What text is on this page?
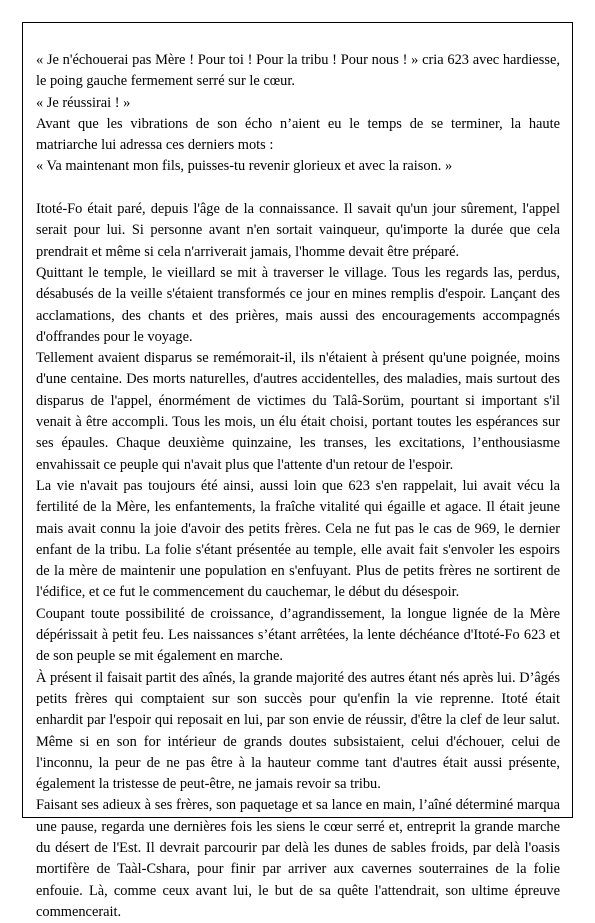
« Je n'échouerai pas Mère ! Pour toi ! Pour la tribu ! Pour nous ! » cria 623 avec hardiesse, le poing gauche fermement serré sur le cœur.

« Je réussirai ! »

Avant que les vibrations de son écho n’aient eu le temps de se terminer, la haute matriarche lui adressa ces derniers mots :

« Va maintenant mon fils, puisses-tu revenir glorieux et avec la raison. »

Itoté-Fo était paré, depuis l'âge de la connaissance. Il savait qu'un jour sûrement, l'appel serait pour lui. Si personne avant n'en sortait vainqueur, qu'importe la durée que cela prendrait et même si cela n'arriverait jamais, l'homme devait être préparé.

Quittant le temple, le vieillard se mit à traverser le village. Tous les regards las, perdus, désabusés de la veille s'étaient transformés ce jour en mines remplis d'espoir. Lançant des acclamations, des chants et des prières, mais aussi des encouragements accompagnés d'offrandes pour le voyage.

Tellement avaient disparus se remémorait-il, ils n'étaient à présent qu'une poignée, moins d'une centaine. Des morts naturelles, d'autres accidentelles, des maladies, mais surtout des disparus de l'appel, énormément de victimes du Talâ-Sorüm, pourtant si important s'il venait à être accompli. Tous les mois, un élu était choisi, portant toutes les espérances sur ses épaules. Chaque deuxième quinzaine, les transes, les excitations, l’enthousiasme envahissait ce peuple qui n'avait plus que l'attente d'un retour de l'espoir.

La vie n'avait pas toujours été ainsi, aussi loin que 623 s'en rappelait, lui avait vécu la fertilité de la Mère, les enfantements, la fraîche vitalité qui égaille et agace. Il était jeune mais avait connu la joie d'avoir des petits frères. Cela ne fut pas le cas de 969, le dernier enfant de la tribu. La folie s'étant présentée au temple, elle avait fait s'envoler les espoirs de la mère de maintenir une population en s'enfuyant. Plus de petits frères ne sortirent de l'édifice, et ce fut le commencement du cauchemar, le début du désespoir.

Coupant toute possibilité de croissance, d’agrandissement, la longue lignée de la Mère dépérissait à petit feu. Les naissances s’étant arrêtées, la lente déchéance d'Itoté-Fo 623 et de son peuple se mit également en marche.

À présent il faisait partit des aînés, la grande majorité des autres étant nés après lui. D’âgés petits frères qui comptaient sur son succès pour qu'enfin la vie reprenne. Itoté était enhardit par l'espoir qui reposait en lui, par son envie de réussir, d'être la clef de leur salut. Même si en son for intérieur de grands doutes subsistaient, celui d'échouer, celui de l'inconnu, la peur de ne pas être à la hauteur comme tant d'autres était aussi présente, également la tristesse de peut-être, ne jamais revoir sa tribu.

Faisant ses adieux à ses frères, son paquetage et sa lance en main, l’aîné déterminé marqua une pause, regarda une dernières fois les siens le cœur serré et, entreprit la grande marche du désert de l'Est. Il devrait parcourir par delà les dunes de sables froids, par delà l'oasis mortifère de Taàl-Cshara, pour finir par arriver aux cavernes souterraines de la folie enfouie. Là, comme ceux avant lui, le but de sa quête l'attendrait, son ultime épreuve commencerait.
